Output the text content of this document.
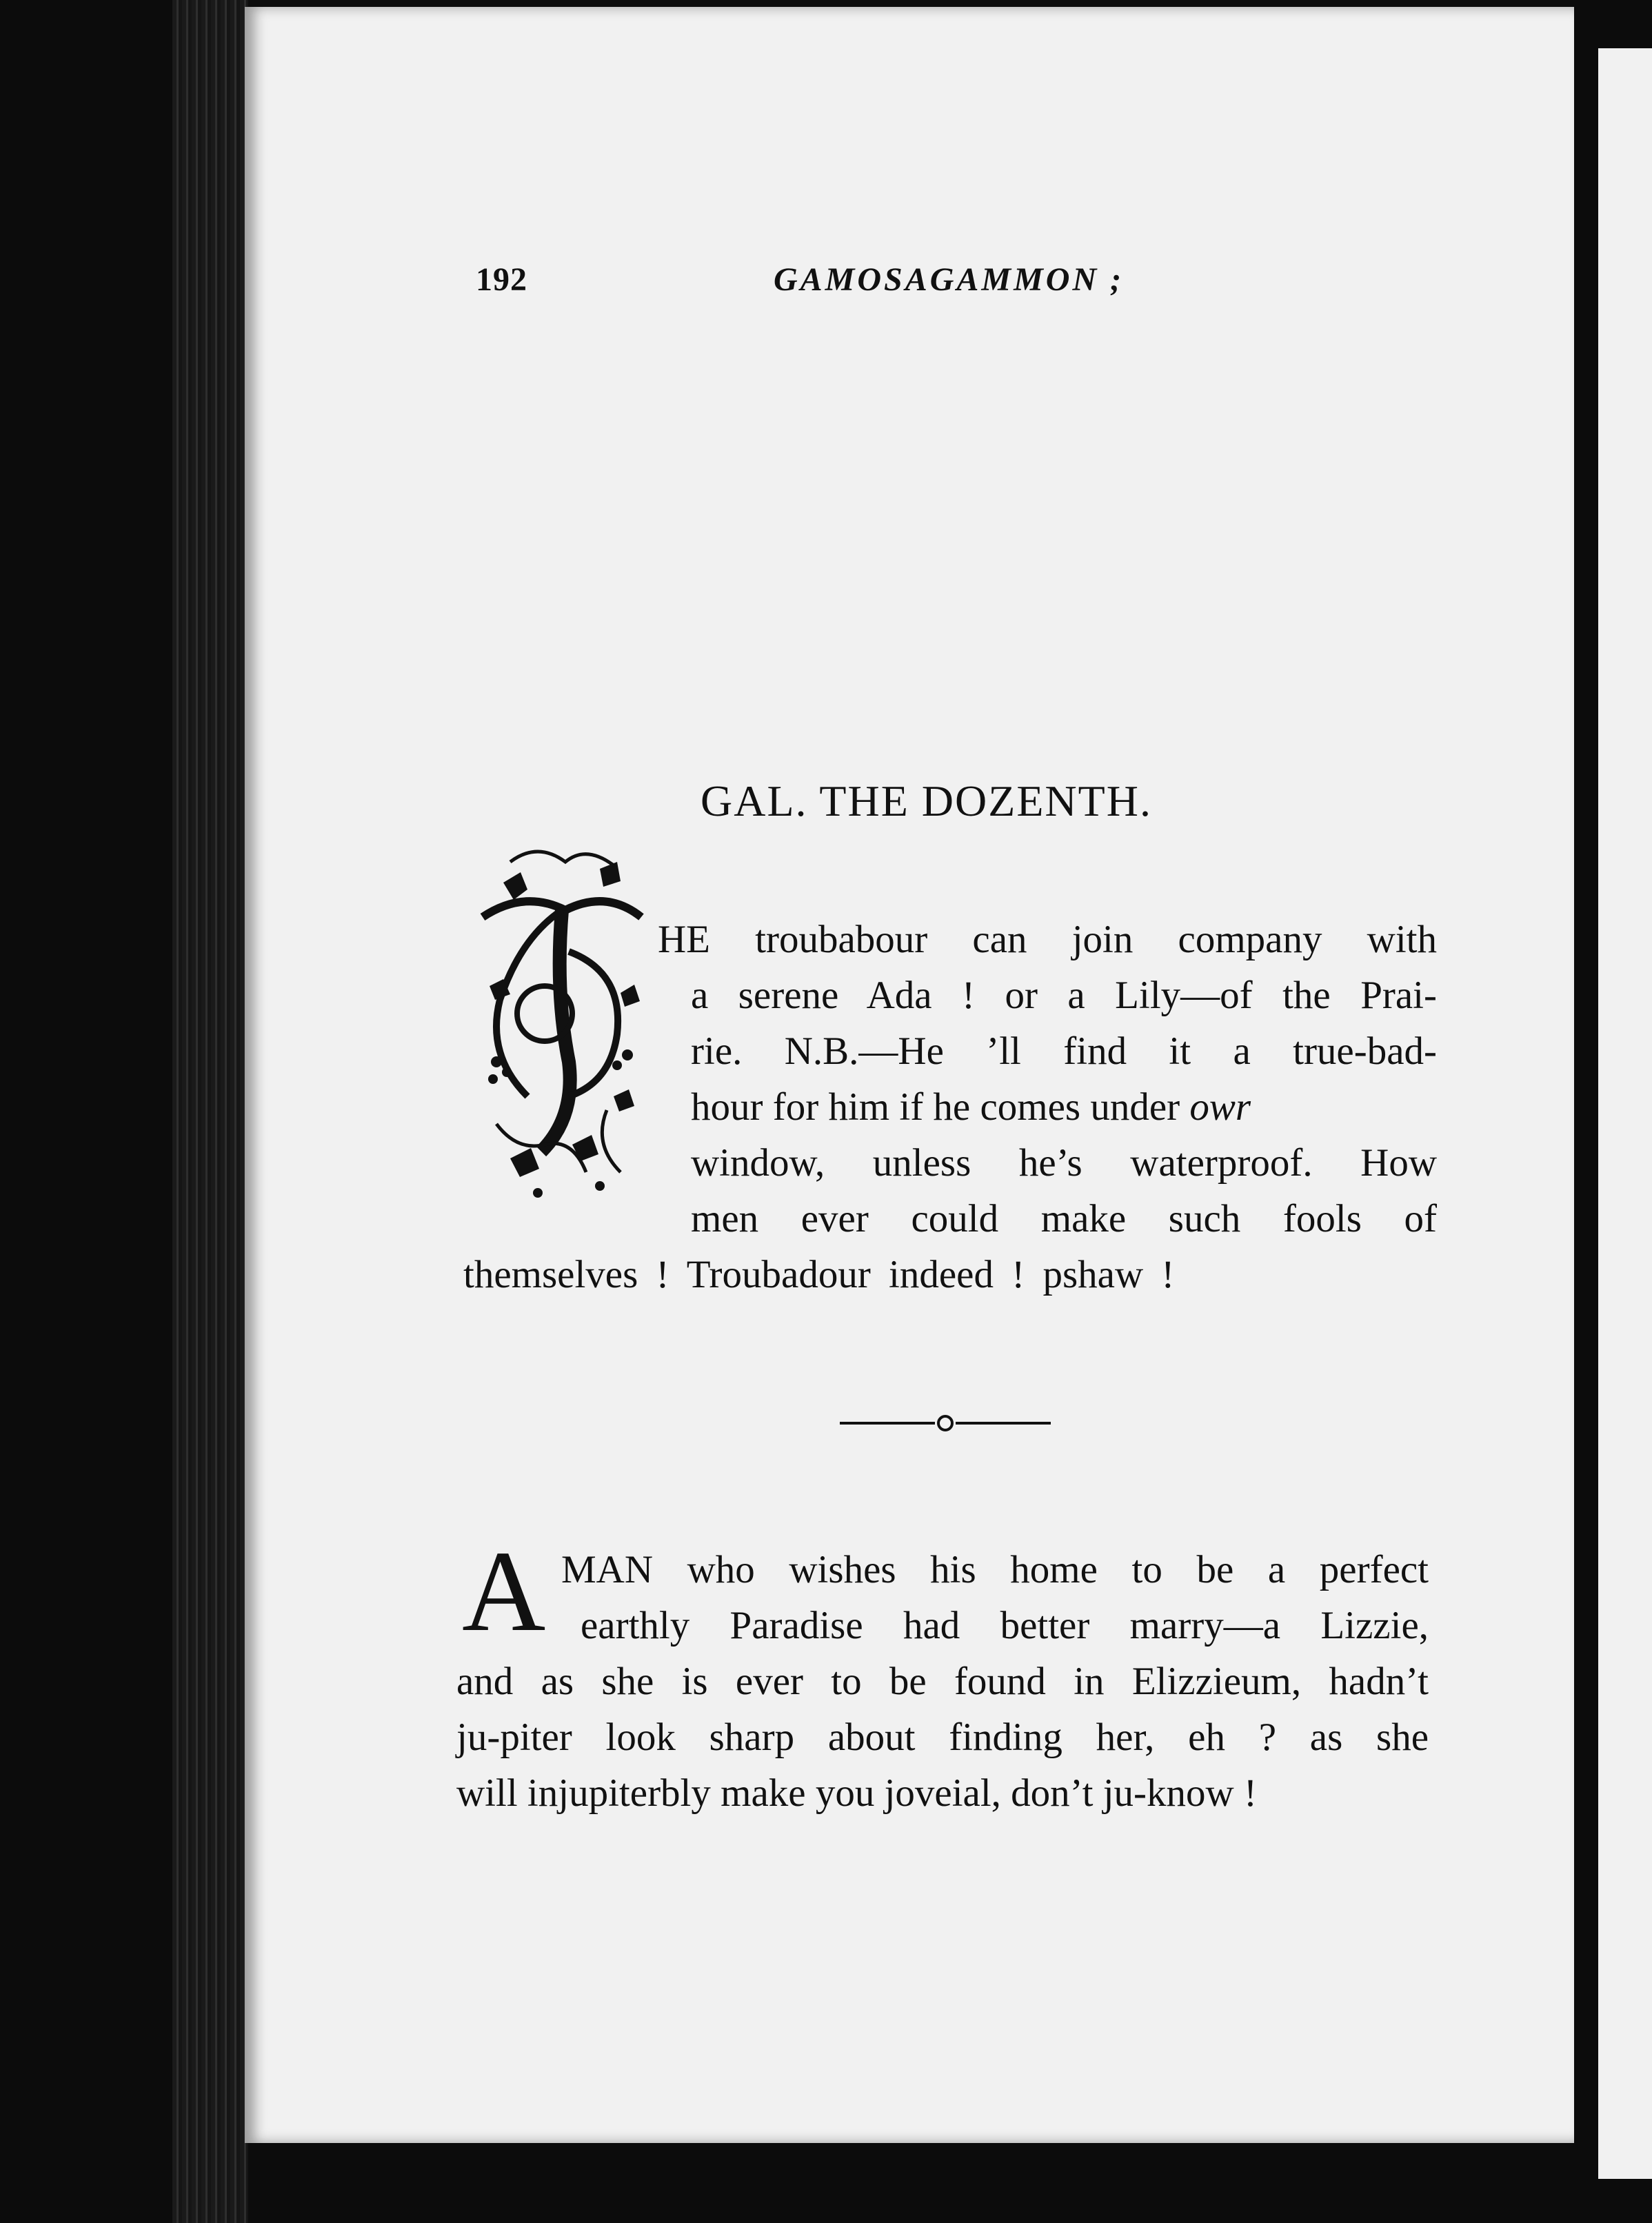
192	GAMOSAGAMMON ;
GAL. THE DOZENTH.
HE troubabour can join company with
a serene Ada ! or a Lily—of the Prai-
rie. N.B.—He ’ll find it a true-bad-
hour for him if he comes under owr
window, unless he’s waterproof. How
men ever could make such fools of
themselves ! Troubadour indeed ! pshaw !
A MAN who wishes his home to be a perfect
earthly Paradise had better marry—a Lizzie,
and as she is ever to be found in Elizzieum, hadn’t
ju-piter look sharp about finding her, eh ? as she
will injupiterbly make you joveial, don’t ju-know !
